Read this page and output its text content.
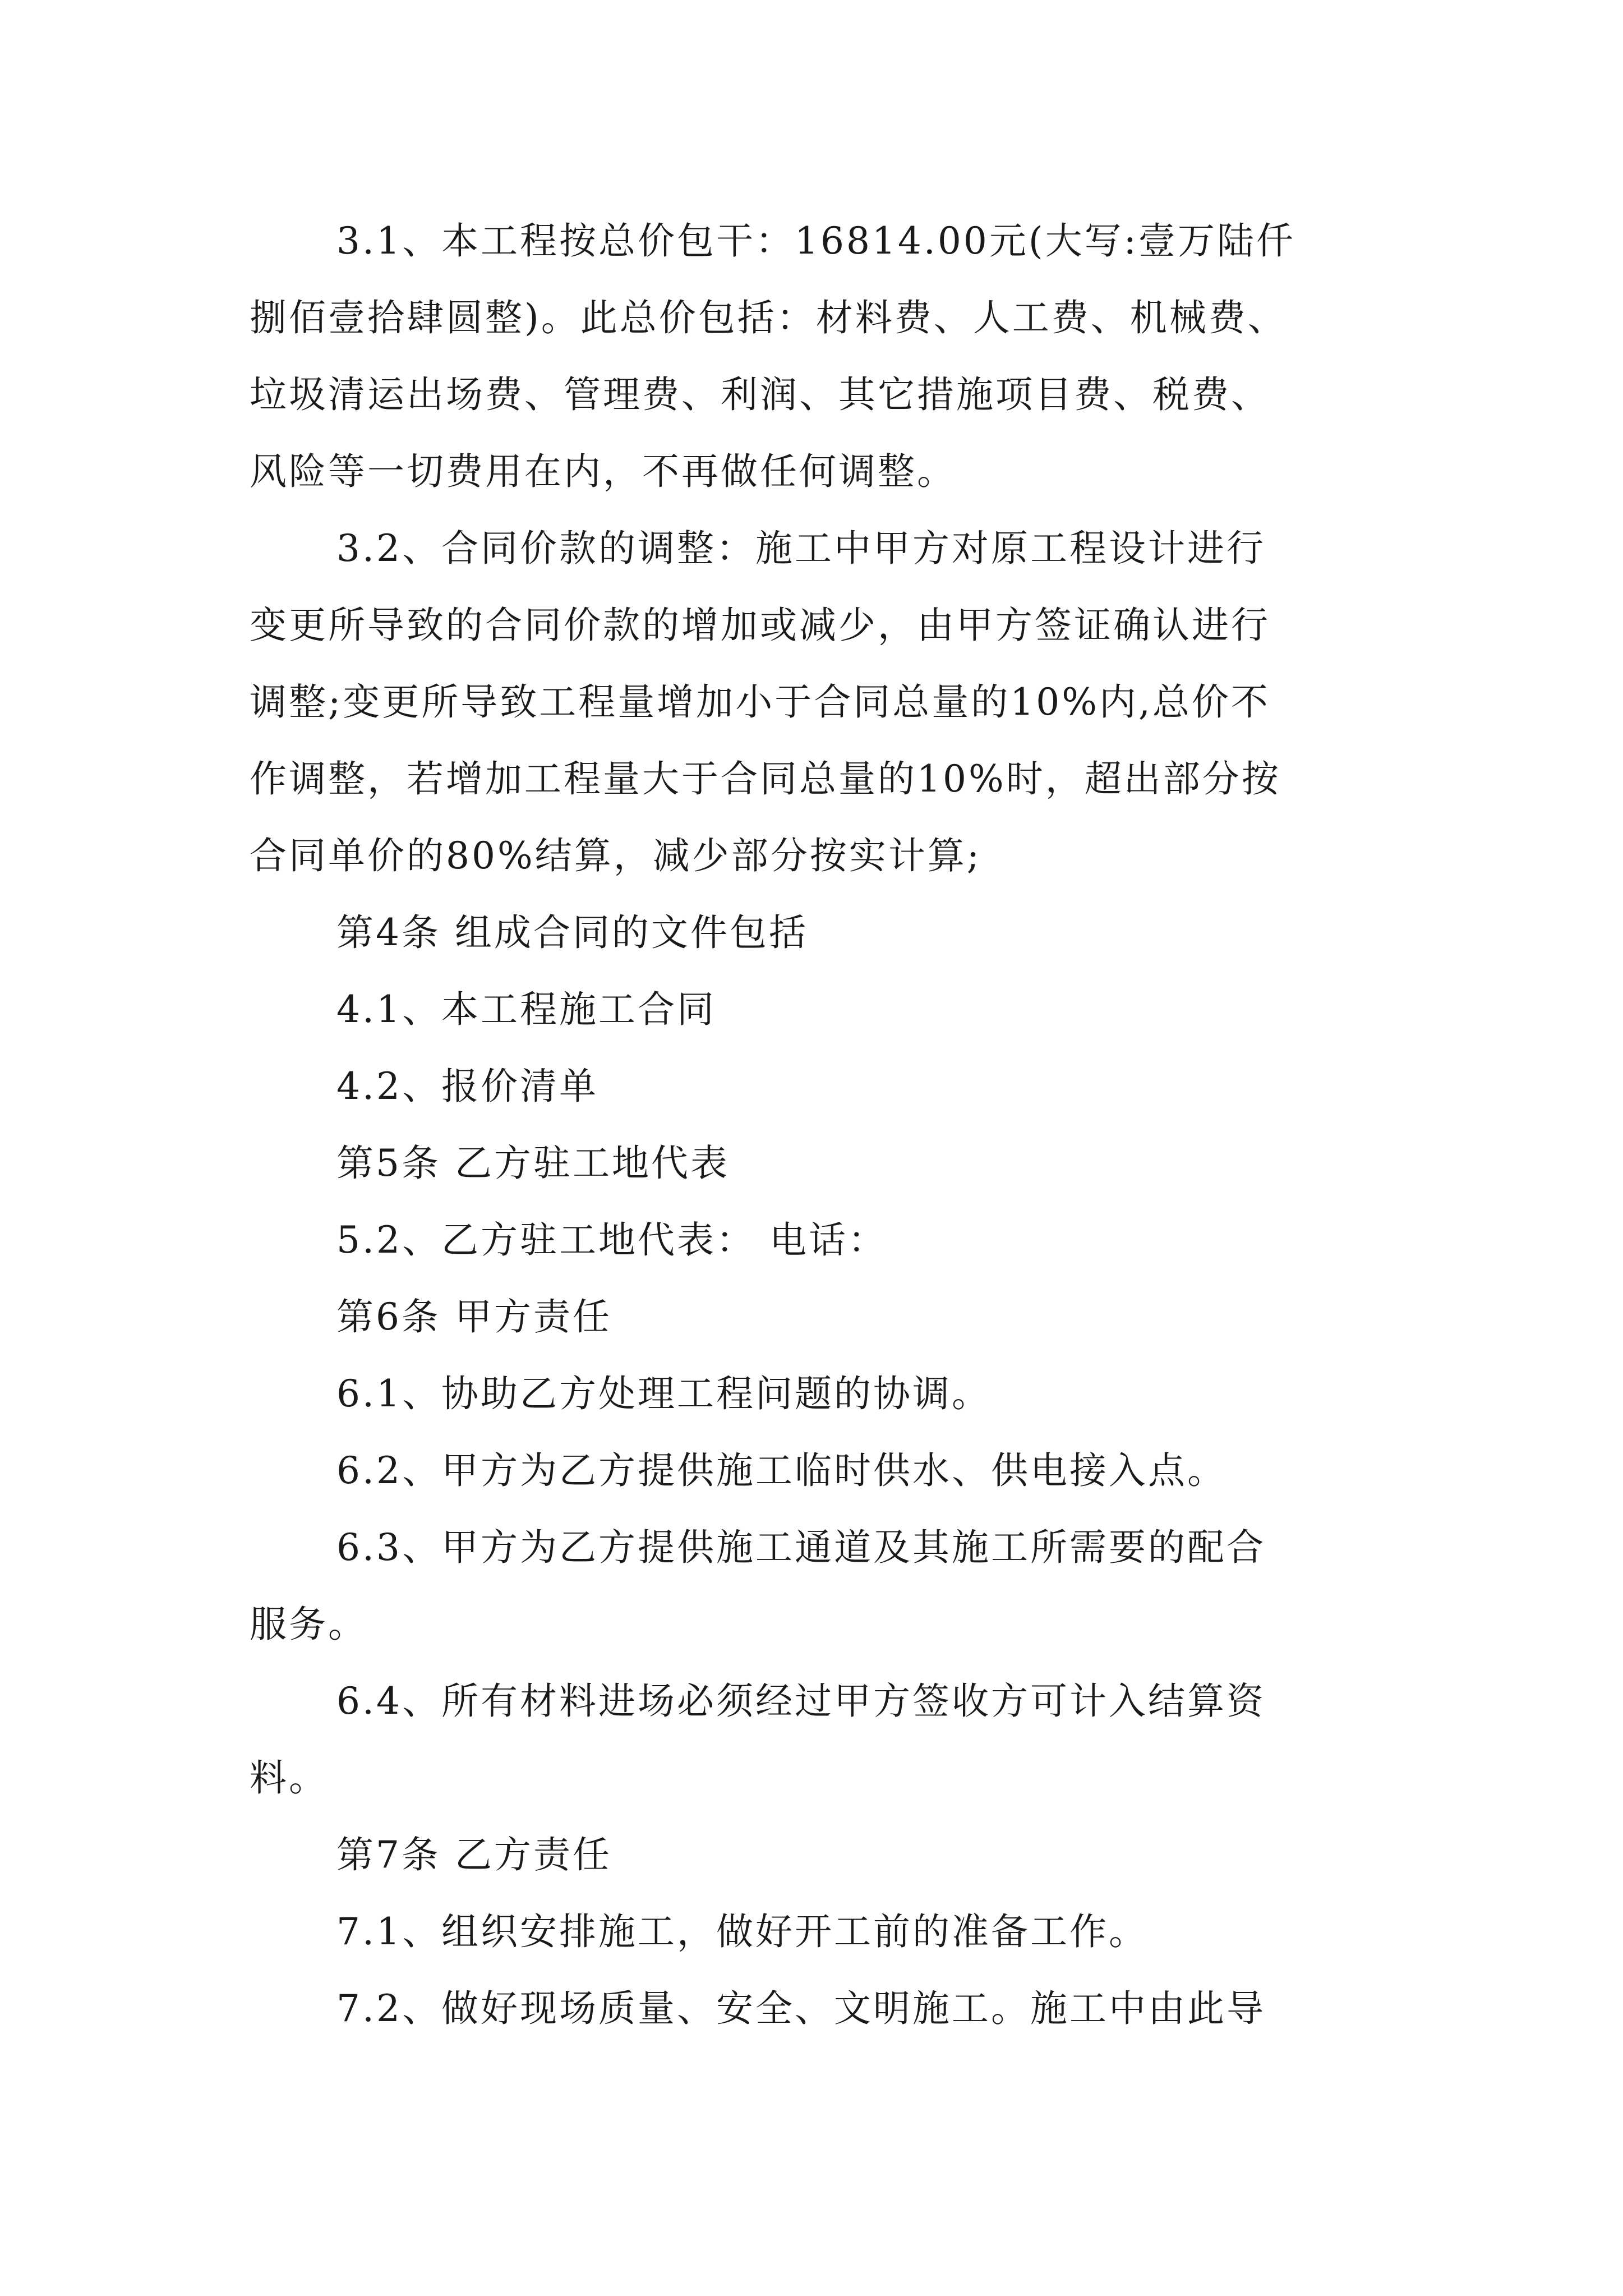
3.1、本工程按总价包干：16814.00元(大写:壹万陆仟
捌佰壹拾肆圆整)。此总价包括：材料费、人工费、机械费、
垃圾清运出场费、管理费、利润、其它措施项目费、税费、
风险等一切费用在内，不再做任何调整。
3.2、合同价款的调整：施工中甲方对原工程设计进行
变更所导致的合同价款的增加或减少，由甲方签证确认进行
调整;变更所导致工程量增加小于合同总量的10%内,总价不
作调整，若增加工程量大于合同总量的10%时，超出部分按
合同单价的80%结算，减少部分按实计算;
第4条 组成合同的文件包括
4.1、本工程施工合同
4.2、报价清单
第5条 乙方驻工地代表
5.2、乙方驻工地代表： 电话：
第6条 甲方责任
6.1、协助乙方处理工程问题的协调。
6.2、甲方为乙方提供施工临时供水、供电接入点。
6.3、甲方为乙方提供施工通道及其施工所需要的配合
服务。
6.4、所有材料进场必须经过甲方签收方可计入结算资
料。
第7条 乙方责任
7.1、组织安排施工，做好开工前的准备工作。
7.2、做好现场质量、安全、文明施工。施工中由此导
